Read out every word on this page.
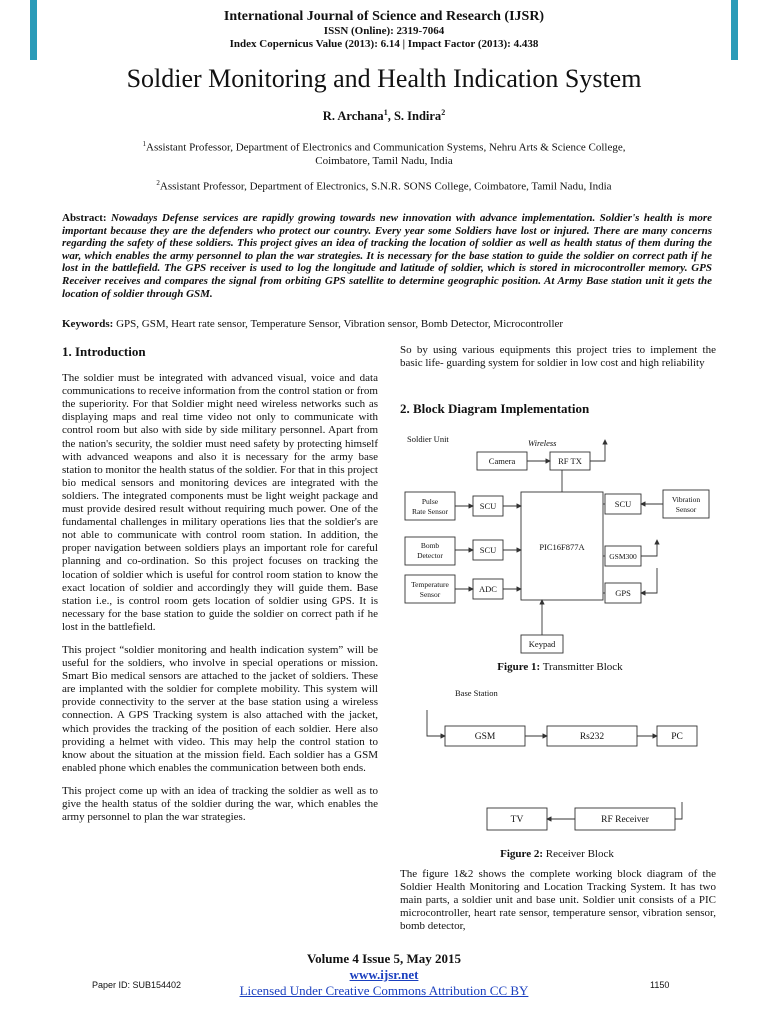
International Journal of Science and Research (IJSR)
ISSN (Online): 2319-7064
Index Copernicus Value (2013): 6.14 | Impact Factor (2013): 4.438
Soldier Monitoring and Health Indication System
R. Archana$^1$, S. Indira$^2$
$^1$Assistant Professor, Department of Electronics and Communication Systems, Nehru Arts & Science College,
Coimbatore, Tamil Nadu, India
$^2$Assistant Professor, Department of Electronics, S.N.R. SONS College, Coimbatore, Tamil Nadu, India
Abstract: Nowadays Defense services are rapidly growing towards new innovation with advance implementation. Soldier's health is more important because they are the defenders who protect our country. Every year some Soldiers have lost or injured. There are many concerns regarding the safety of these soldiers. This project gives an idea of tracking the location of soldier as well as health status of them during the war, which enables the army personnel to plan the war strategies. It is necessary for the base station to guide the soldier on correct path if he lost in the battlefield. The GPS receiver is used to log the longitude and latitude of soldier, which is stored in microcontroller memory. GPS Receiver receives and compares the signal from orbiting GPS satellite to determine geographic position. At Army Base station unit it gets the location of soldier through GSM.
Keywords: GPS, GSM, Heart rate sensor, Temperature Sensor, Vibration sensor, Bomb Detector, Microcontroller
1. Introduction

The soldier must be integrated with advanced visual, voice and data communications to receive information from the control station or from the superiority. For that Soldier might need wireless networks such as displaying maps and real time video not only to communicate with control room but also with side by side military personnel. Apart from the nation's security, the soldier must need safety by protecting himself with advanced weapons and also it is necessary for the army base station to monitor the health status of the soldier. For that in this project bio medical sensors and monitoring devices are integrated with the soldiers. The integrated components must be light weight package and must provide desired result without requiring much power. One of the fundamental challenges in military operations lies that the soldier's are not able to communicate with control room station. In addition, the proper navigation between soldiers plays an important role for careful planning and co-ordination. So this project focuses on tracking the location of soldier which is useful for control room station to know the exact location of soldier and accordingly they will guide them. Base station i.e., is control room gets location of soldier using GPS. It is necessary for the base station to guide the soldier on correct path if he lost in the battlefield.

This project “soldier monitoring and health indication system” will be useful for the soldiers, who involve in special operations or mission. Smart Bio medical sensors are attached to the jacket of soldiers. These are implanted with the soldier for complete mobility. This system will provide connectivity to the server at the base station using a wireless connection. A GPS Tracking system is also attached with the jacket, which provides the tracking of the position of each soldier. Here also providing a helmet with video. This may help the control station to know about the situation at the mission field. Each soldier has a GSM enabled phone which enables the communication between both ends.

This project come up with an idea of tracking the soldier as well as to give the health status of the soldier during the war, which enables the army personnel to plan the war strategies.

So by using various equipments this project tries to implement the basic life- guarding system for soldier in low cost and high reliability

2. Block Diagram Implementation
Soldier Unit	Wireless
Camera	RF TX
Pulse
Rate Sensor
SCU
Bomb
Detector
SCU
Temperature
Sensor
ADC
PIC16F877A
SCU	Vibration
Sensor
GSM300
GPS
Keypad
Base Station
GSM	Rs232	PC
TV	RF Receiver
Figure 1: Transmitter Block
Figure 2: Receiver Block

The figure 1&2 shows the complete working block diagram of the Soldier Health Monitoring and Location Tracking System. It has two main parts, a soldier unit and base unit. Soldier unit consists of a PIC microcontroller, heart rate sensor, temperature sensor, vibration sensor, bomb detector,

Volume 4 Issue 5, May 2015
www.ijsr.net
Licensed Under Creative Commons Attribution CC BY
Paper ID: SUB154402	1150
